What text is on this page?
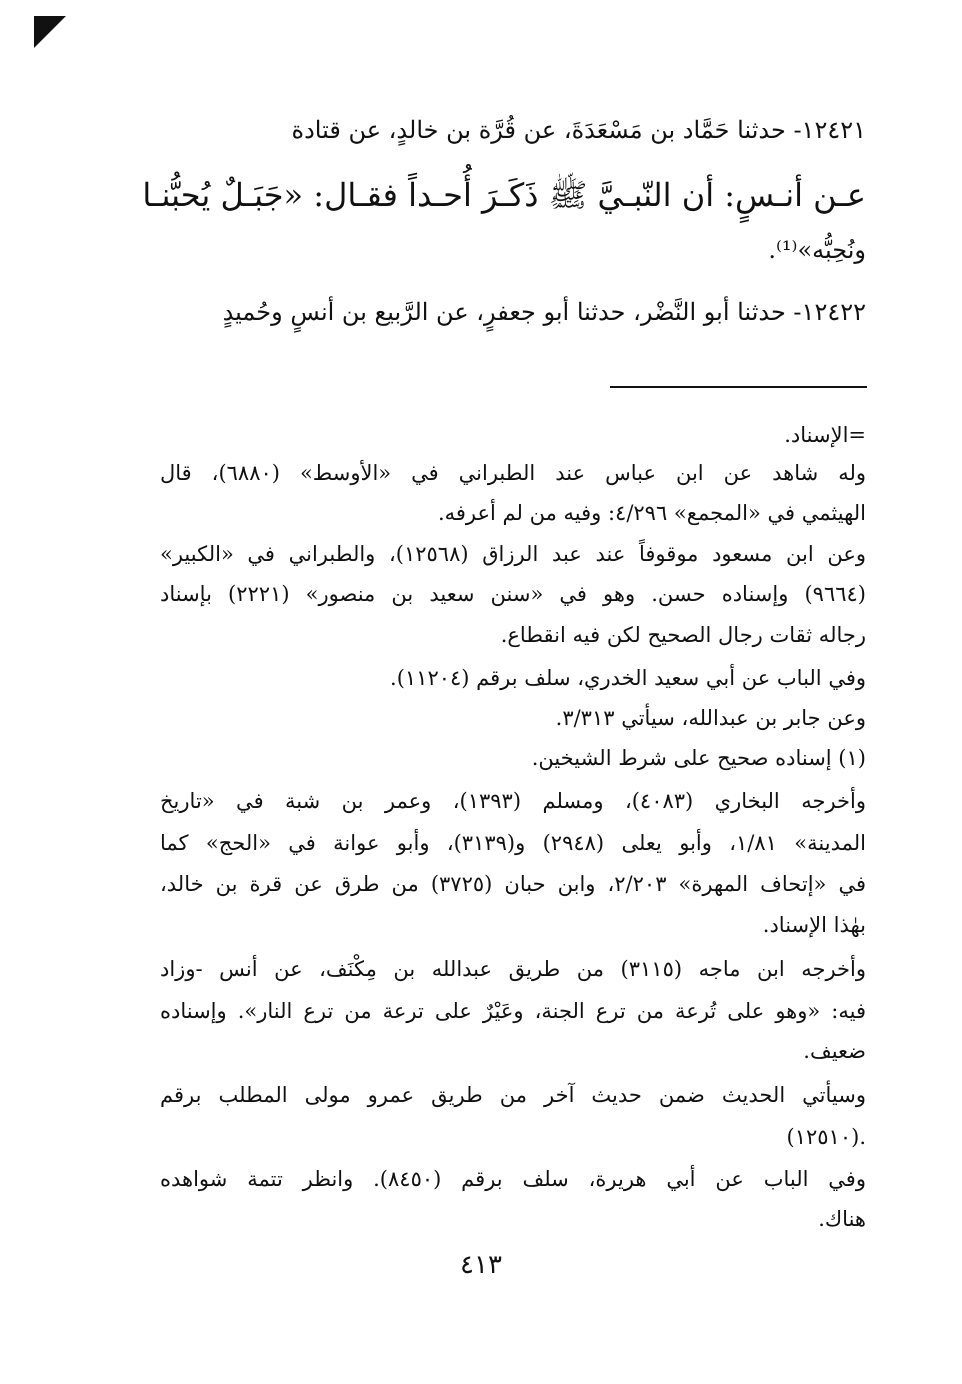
١٢٤٢١- حدثنا حَمَّاد بن مَسْعَدَةَ، عن قُرَّة بن خالدٍ، عن قتادة
عـن أنـسٍ: أن النّبـيَّ ﷺ ذَكَـرَ أُحـداً فقـال: «جَبَـلٌ يُحبُّنـا
ونُحِبُّه»⁽¹⁾.
١٢٤٢٢- حدثنا أبو النَّضْر، حدثنا أبو جعفرٍ، عن الرَّبيع بن أنسٍ وحُميدٍ
=الإسناد.
وله شاهد عن ابن عباس عند الطبراني في «الأوسط» (٦٨٨٠)، قال
الهيثمي في «المجمع» ٤/٢٩٦: وفيه من لم أعرفه.
وعن ابن مسعود موقوفاً عند عبد الرزاق (١٢٥٦٨)، والطبراني في «الكبير»
(٩٦٦٤) وإسناده حسن. وهو في «سنن سعيد بن منصور» (٢٢٢١) بإسناد
رجاله ثقات رجال الصحيح لكن فيه انقطاع.
وفي الباب عن أبي سعيد الخدري، سلف برقم (١١٢٠٤).
وعن جابر بن عبدالله، سيأتي ٣/٣١٣.
(١) إسناده صحيح على شرط الشيخين.
وأخرجه البخاري (٤٠٨٣)، ومسلم (١٣٩٣)، وعمر بن شبة في «تاريخ
المدينة» ١/٨١، وأبو يعلى (٢٩٤٨) و(٣١٣٩)، وأبو عوانة في «الحج» كما
في «إتحاف المهرة» ٢/٢٠٣، وابن حبان (٣٧٢٥) من طرق عن قرة بن خالد،
بهٰذا الإسناد.
وأخرجه ابن ماجه (٣١١٥) من طريق عبدالله بن مِكْنَف، عن أنس -وزاد
فيه: «وهو على تُرعة من ترع الجنة، وعَيْرٌ على ترعة من ترع النار». وإسناده
ضعيف.
وسيأتي الحديث ضمن حديث آخر من طريق عمرو مولى المطلب برقم
(١٢٥١٠).
وفي الباب عن أبي هريرة، سلف برقم (٨٤٥٠). وانظر تتمة شواهده
هناك.
٤١٣
